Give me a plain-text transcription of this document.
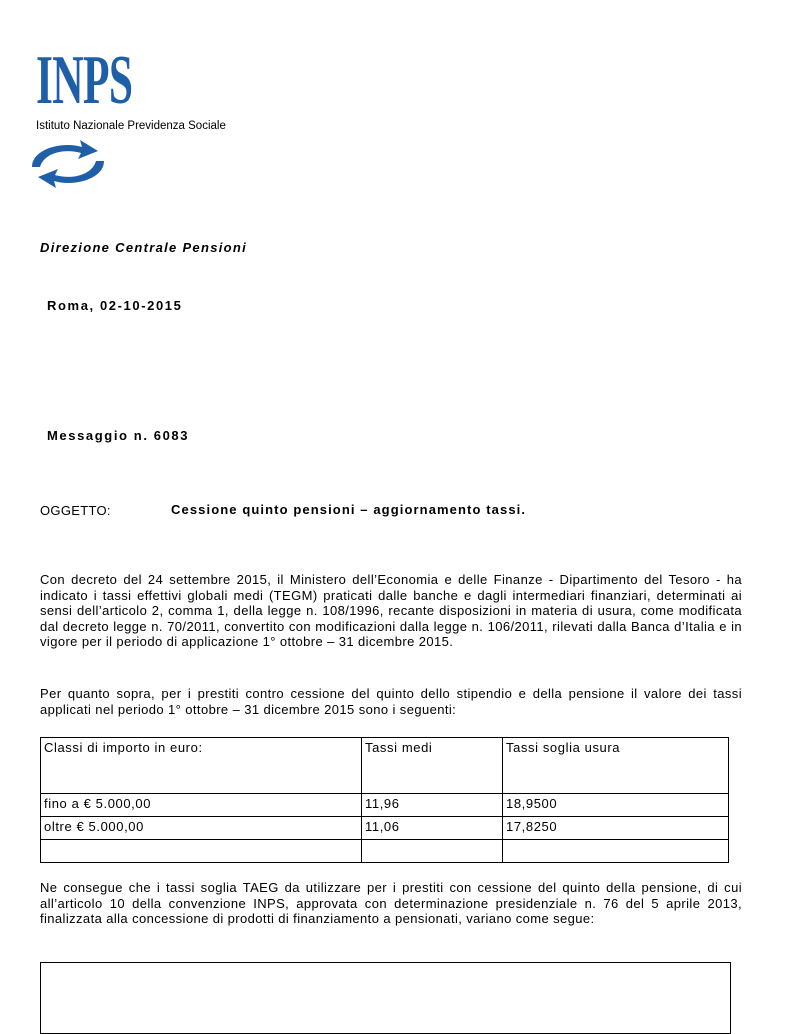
INPS
Istituto Nazionale Previdenza Sociale
Direzione Centrale Pensioni
Roma, 02-10-2015
Messaggio n. 6083
OGGETTO:	Cessione quinto pensioni – aggiornamento tassi.
Con decreto del 24 settembre 2015, il Ministero dell’Economia e delle Finanze - Dipartimento del Tesoro - ha indicato i tassi effettivi globali medi (TEGM) praticati dalle banche e dagli intermediari finanziari, determinati ai sensi dell’articolo 2, comma 1, della legge n. 108/1996, recante disposizioni in materia di usura, come modificata dal decreto legge n. 70/2011, convertito con modificazioni dalla legge n. 106/2011, rilevati dalla Banca d’Italia e in vigore per il periodo di applicazione 1° ottobre – 31 dicembre 2015.
Per quanto sopra, per i prestiti contro cessione del quinto dello stipendio e della pensione il valore dei tassi applicati nel periodo 1° ottobre – 31 dicembre 2015 sono i seguenti:
Classi di importo in euro:	Tassi medi	Tassi soglia usura
fino a € 5.000,00	11,96	18,9500
oltre € 5.000,00	11,06	17,8250

Ne consegue che i tassi soglia TAEG da utilizzare per i prestiti con cessione del quinto della pensione, di cui all’articolo 10 della convenzione INPS, approvata con determinazione presidenziale n. 76 del 5 aprile 2013, finalizzata alla concessione di prodotti di finanziamento a pensionati, variano come segue:
